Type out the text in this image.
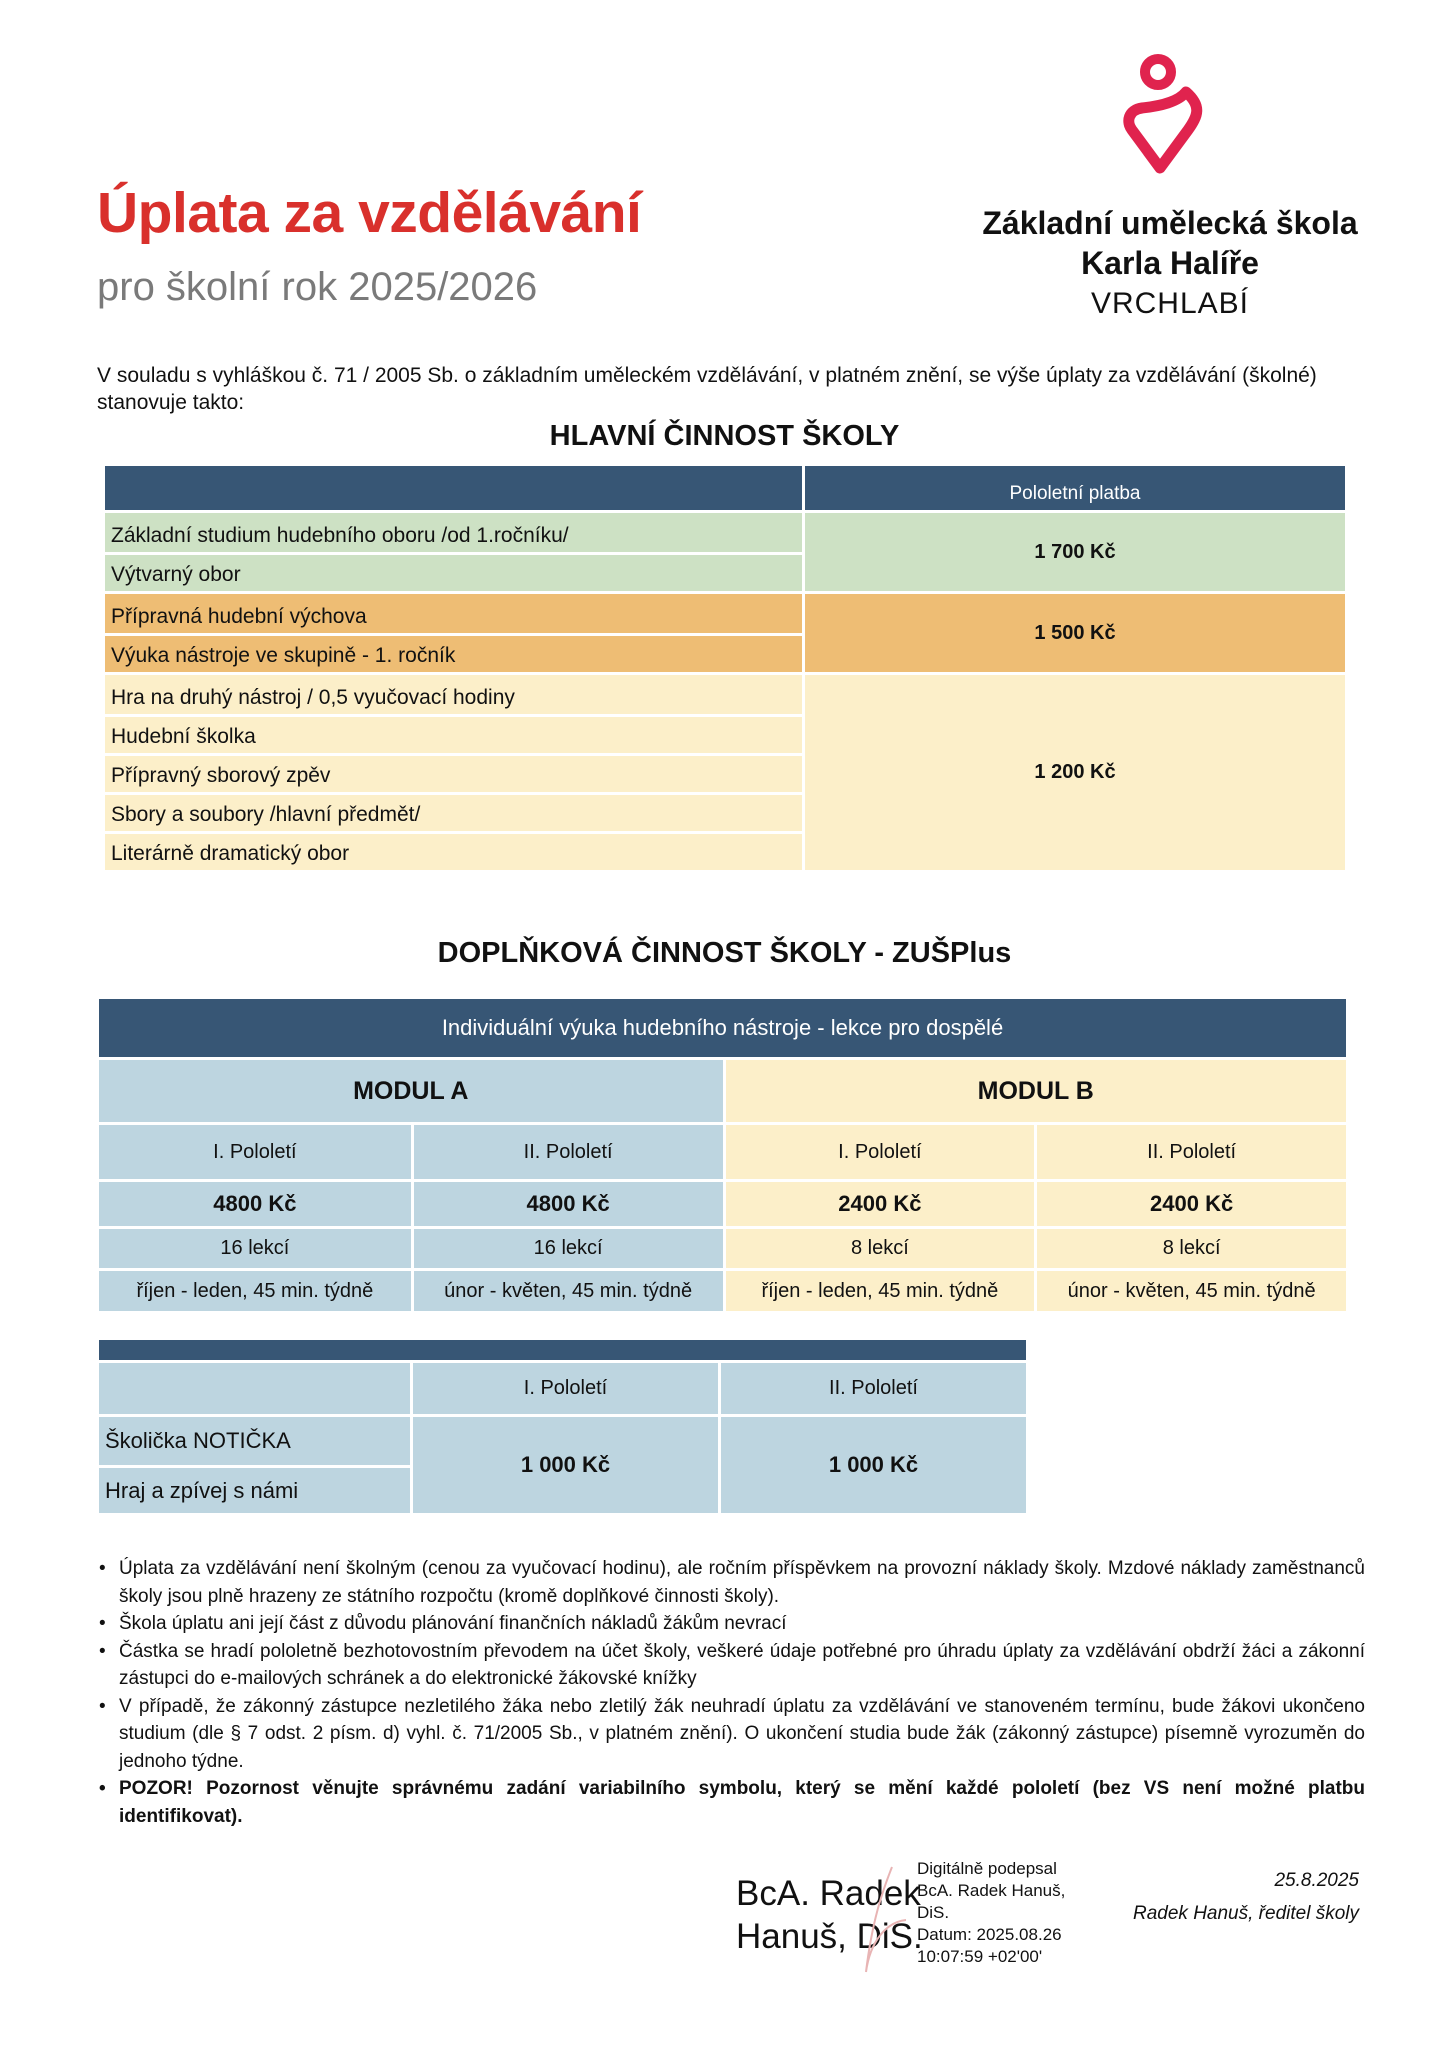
Úplata za vzdělávání
pro školní rok 2025/2026
Základní umělecká škola
Karla Halíře
VRCHLABÍ
V souladu s vyhláškou č. 71 / 2005 Sb. o základním uměleckém vzdělávání, v platném znění, se výše úplaty za vzdělávání (školné) stanovuje takto:
HLAVNÍ ČINNOST ŠKOLY
Pololetní platba
Základní studium hudebního oboru /od 1.ročníku/
Výtvarný obor
1 700 Kč
Přípravná hudební výchova
Výuka nástroje ve skupině - 1. ročník
1 500 Kč
Hra na druhý nástroj / 0,5 vyučovací hodiny
Hudební školka
Přípravný sborový zpěv
Sbory a soubory /hlavní předmět/
Literárně dramatický obor
1 200 Kč
DOPLŇKOVÁ ČINNOST ŠKOLY - ZUŠPlus
Individuální výuka hudebního nástroje - lekce pro dospělé
MODUL A	MODUL B
I. Pololetí	II. Pololetí	I. Pololetí	II. Pololetí
4800 Kč	4800 Kč	2400 Kč	2400 Kč
16 lekcí	16 lekcí	8 lekcí	8 lekcí
říjen - leden, 45 min. týdně	únor - květen, 45 min. týdně	říjen - leden, 45 min. týdně	únor - květen, 45 min. týdně
I. Pololetí	II. Pololetí
Školička NOTIČKA
Hraj a zpívej s námi
1 000 Kč	1 000 Kč
• Úplata za vzdělávání není školným (cenou za vyučovací hodinu), ale ročním příspěvkem na provozní náklady školy. Mzdové náklady zaměstnanců školy jsou plně hrazeny ze státního rozpočtu (kromě doplňkové činnosti školy).
• Škola úplatu ani její část z důvodu plánování finančních nákladů žákům nevrací
• Částka se hradí pololetně bezhotovostním převodem na účet školy, veškeré údaje potřebné pro úhradu úplaty za vzdělávání obdrží žáci a zákonní zástupci do e-mailových schránek a do elektronické žákovské knížky
• V případě, že zákonný zástupce nezletilého žáka nebo zletilý žák neuhradí úplatu za vzdělávání ve stanoveném termínu, bude žákovi ukončeno studium (dle § 7 odst. 2 písm. d) vyhl. č. 71/2005 Sb., v platném znění). O ukončení studia bude žák (zákonný zástupce) písemně vyrozuměn do jednoho týdne.
• POZOR! Pozornost věnujte správnému zadání variabilního symbolu, který se mění každé pololetí (bez VS není možné platbu identifikovat).
BcA. Radek
Hanuš, DiS.
Digitálně podepsal
BcA. Radek Hanuš,
DiS.
Datum: 2025.08.26
10:07:59 +02'00'
25.8.2025
Radek Hanuš, ředitel školy
